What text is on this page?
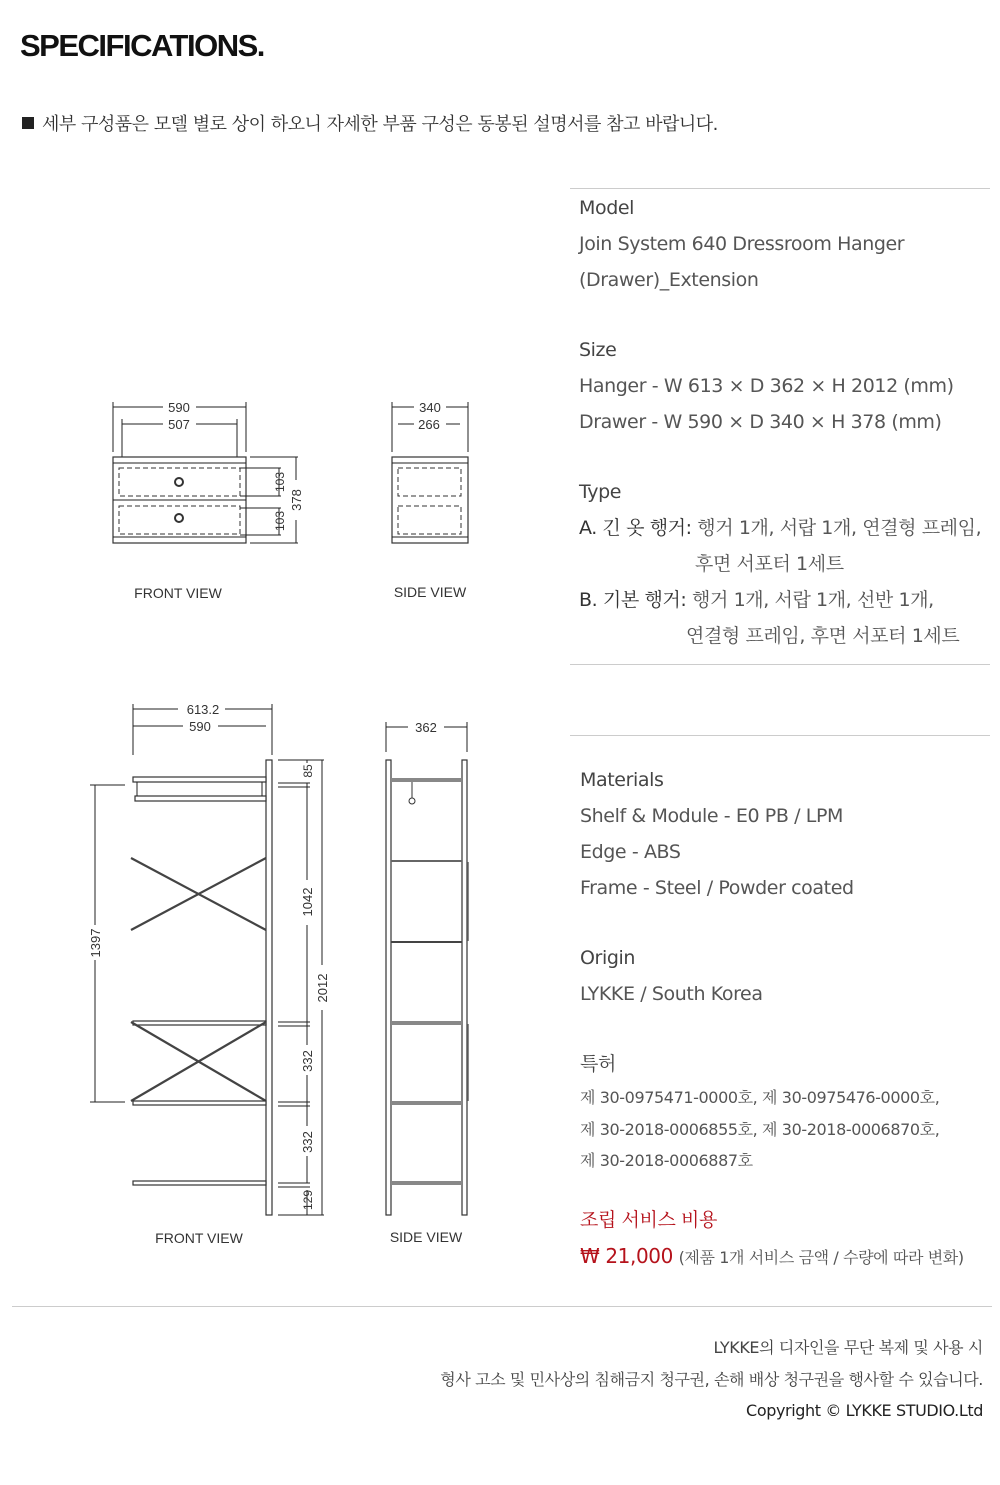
SPECIFICATIONS.
세부 구성품은 모델 별로 상이 하오니 자세한 부품 구성은 동봉된 설명서를 참고 바랍니다.
590
507
103
103
378
FRONT VIEW
340
266
SIDE VIEW
613.2
590
85
1042
332
332
129
2012
1397
FRONT VIEW
362
SIDE VIEW
Model
Join System 640 Dressroom Hanger
(Drawer)_Extension
Size
Hanger - W 613 × D 362 × H 2012 (mm)
Drawer - W 590 × D 340 × H 378 (mm)
Type
A. 긴 옷 행거: 행거 1개, 서랍 1개, 연결형 프레임,
후면 서포터 1세트
B. 기본 행거: 행거 1개, 서랍 1개, 선반 1개,
연결형 프레임, 후면 서포터 1세트
Materials
Shelf & Module - E0 PB / LPM
Edge - ABS
Frame - Steel / Powder coated
Origin
LYKKE / South Korea
특허
제 30-0975471-0000호, 제 30-0975476-0000호,
제 30-2018-0006855호, 제 30-2018-0006870호,
제 30-2018-0006887호
조립 서비스 비용
₩ 21,000 (제품 1개 서비스 금액 / 수량에 따라 변화)
LYKKE의 디자인을 무단 복제 및 사용 시
형사 고소 및 민사상의 침해금지 청구권, 손해 배상 청구권을 행사할 수 있습니다.
Copyright © LYKKE STUDIO.Ltd
